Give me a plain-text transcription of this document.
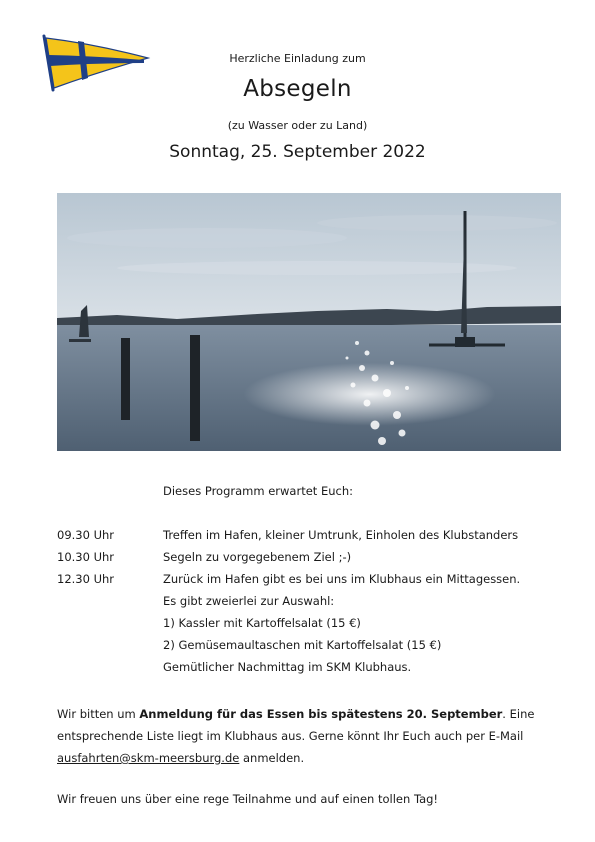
Herzliche Einladung zum
Absegeln
(zu Wasser oder zu Land)
Sonntag, 25. September 2022
Dieses Programm erwartet Euch:
09.30 Uhr	Treffen im Hafen, kleiner Umtrunk, Einholen des Klubstanders
10.30 Uhr	Segeln zu vorgegebenem Ziel ;-)
12.30 Uhr	Zurück im Hafen gibt es bei uns im Klubhaus ein Mittagessen.
Es gibt zweierlei zur Auswahl:
1) Kassler mit Kartoffelsalat (15 €)
2) Gemüsemaultaschen mit Kartoffelsalat (15 €)
Gemütlicher Nachmittag im SKM Klubhaus.
Wir bitten um Anmeldung für das Essen bis spätestens 20. September. Eine entsprechende Liste liegt im Klubhaus aus. Gerne könnt Ihr Euch auch per E-Mail ausfahrten@skm-meersburg.de anmelden.
Wir freuen uns über eine rege Teilnahme und auf einen tollen Tag!
